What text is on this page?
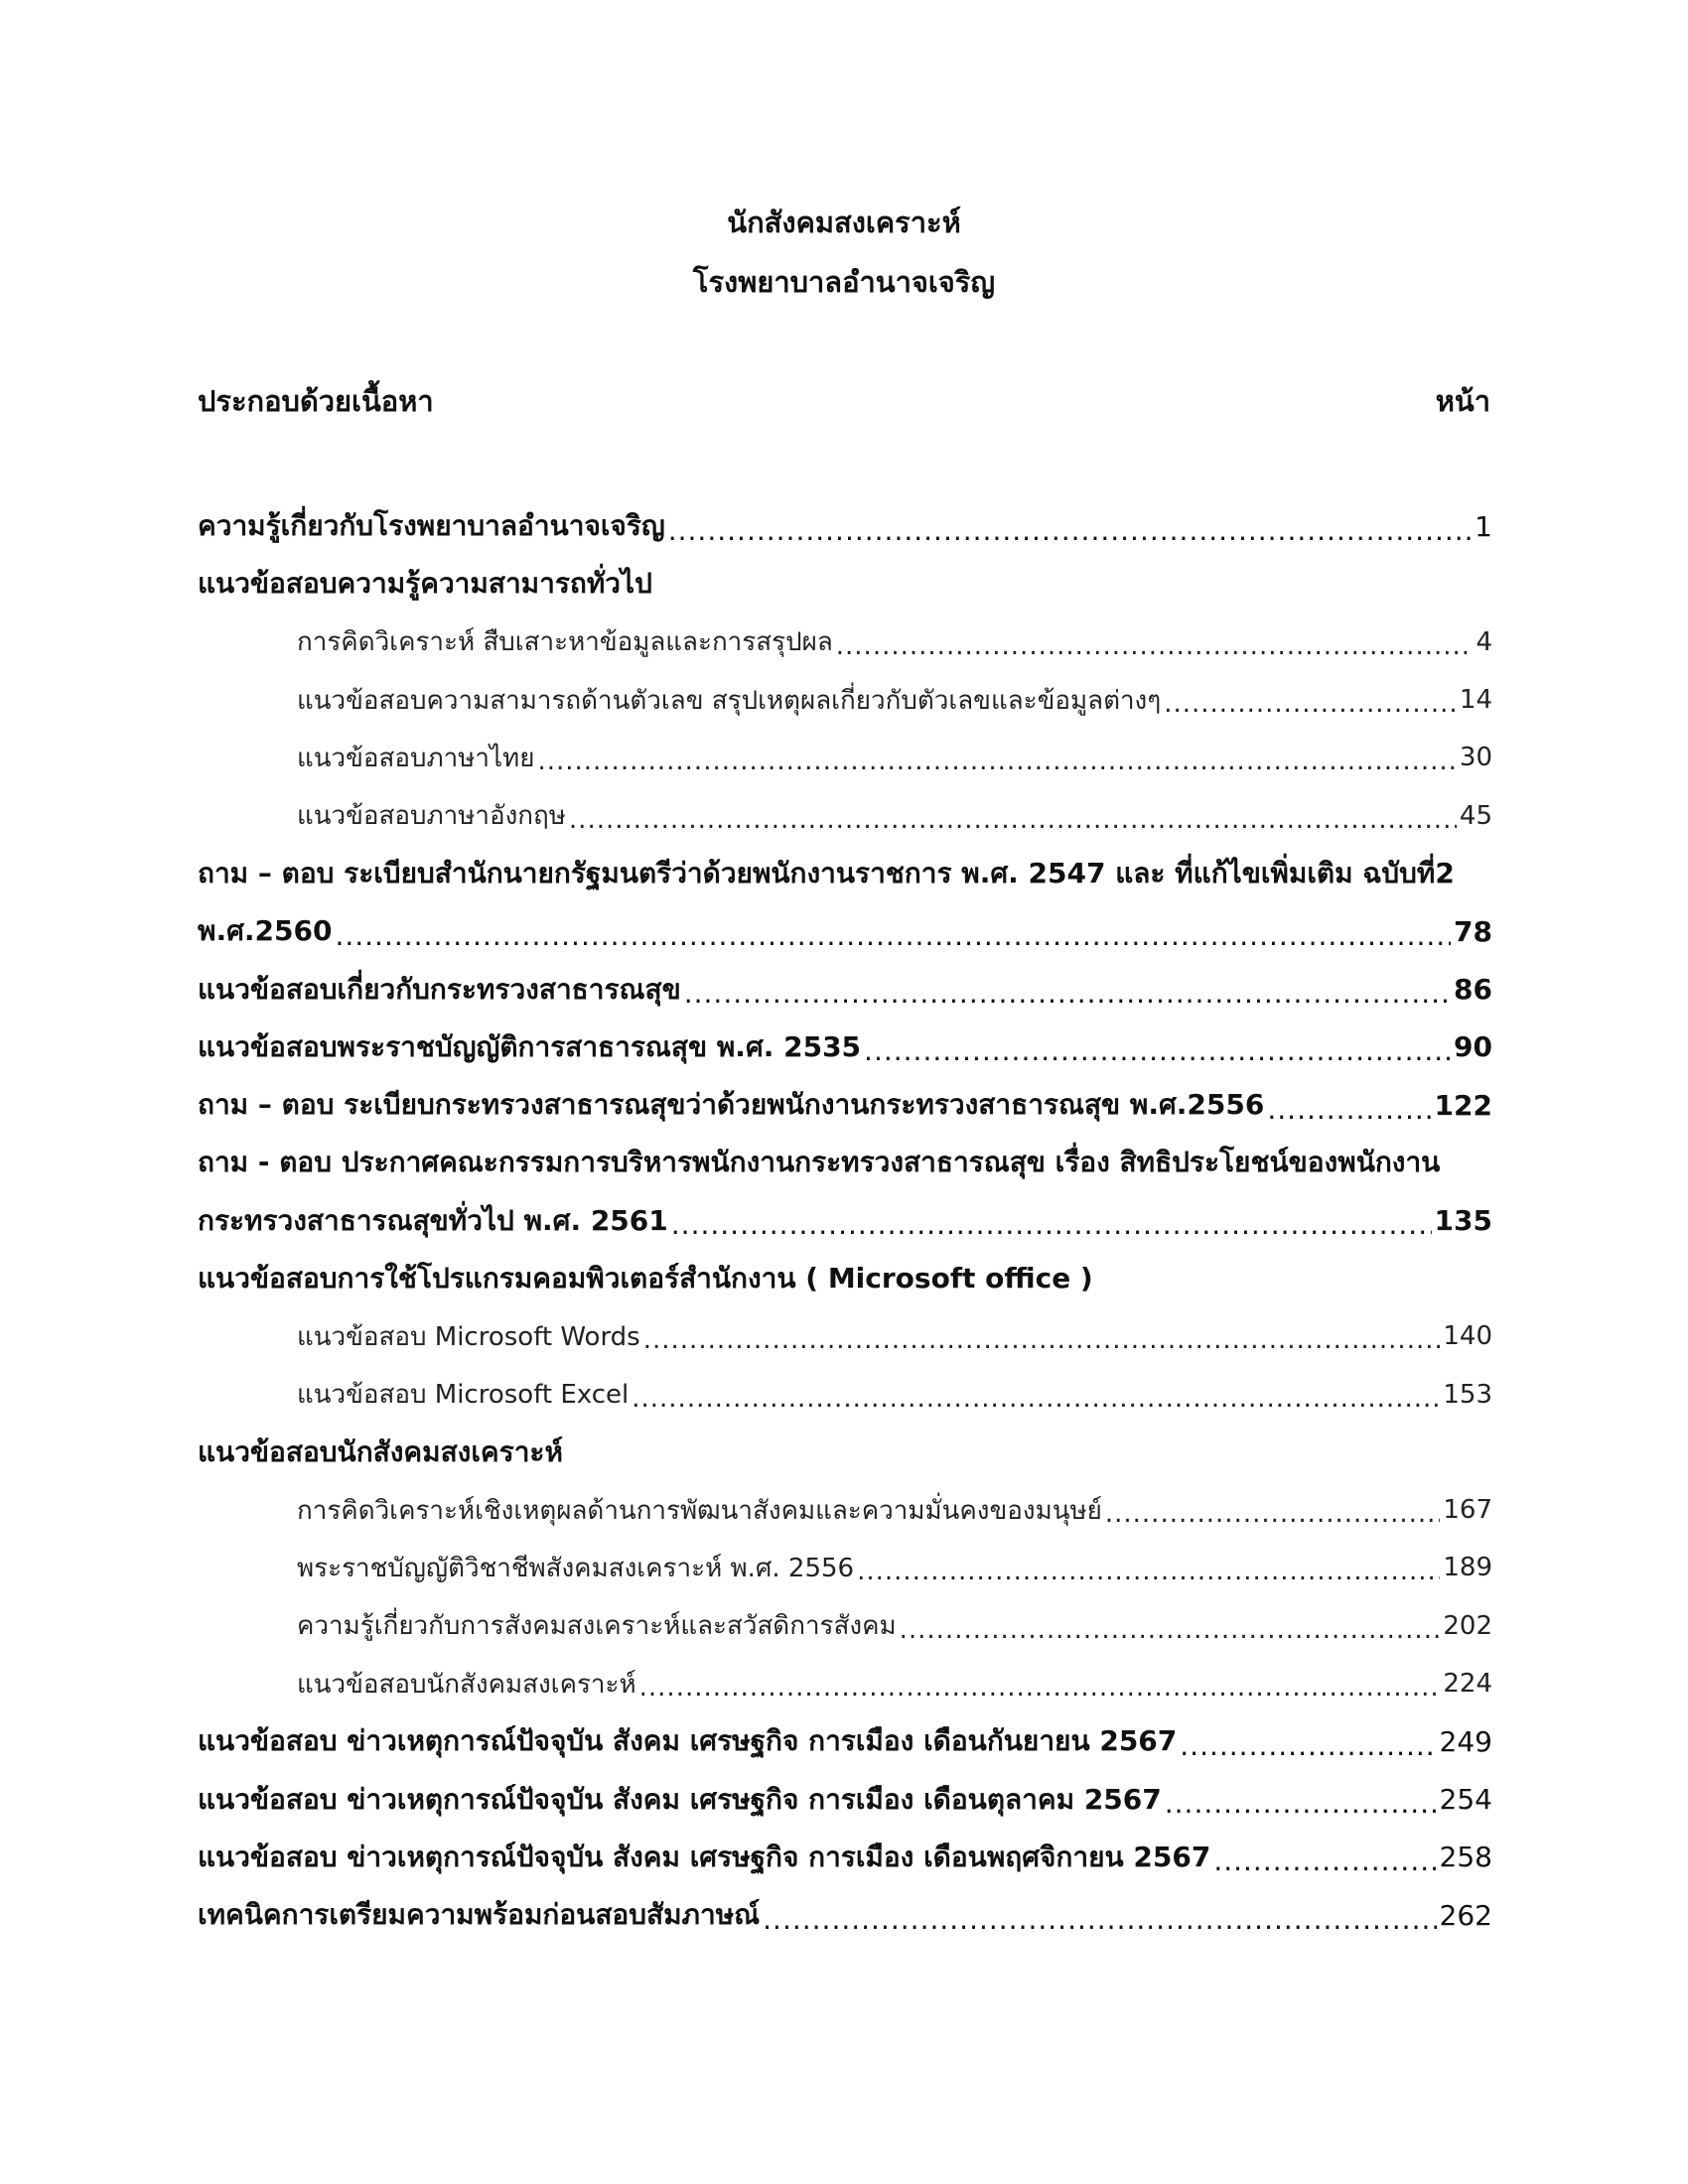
นักสังคมสงเคราะห์
โรงพยาบาลอำนาจเจริญ
ประกอบด้วยเนื้อหา	หน้า
ความรู้เกี่ยวกับโรงพยาบาลอำนาจเจริญ .....	1
แนวข้อสอบความรู้ความสามารถทั่วไป
การคิดวิเคราะห์ สืบเสาะหาข้อมูลและการสรุปผล .....	4
แนวข้อสอบความสามารถด้านตัวเลข สรุปเหตุผลเกี่ยวกับตัวเลขและข้อมูลต่างๆ .....	14
แนวข้อสอบภาษาไทย .....	30
แนวข้อสอบภาษาอังกฤษ .....	45
ถาม – ตอบ ระเบียบสำนักนายกรัฐมนตรีว่าด้วยพนักงานราชการ พ.ศ. 2547 และ ที่แก้ไขเพิ่มเติม ฉบับที่2
พ.ศ.2560 .....	78
แนวข้อสอบเกี่ยวกับกระทรวงสาธารณสุข .....	86
แนวข้อสอบพระราชบัญญัติการสาธารณสุข พ.ศ. 2535 .....	90
ถาม – ตอบ ระเบียบกระทรวงสาธารณสุขว่าด้วยพนักงานกระทรวงสาธารณสุข พ.ศ.2556 .....	122
ถาม - ตอบ ประกาศคณะกรรมการบริหารพนักงานกระทรวงสาธารณสุข เรื่อง สิทธิประโยชน์ของพนักงาน
กระทรวงสาธารณสุขทั่วไป พ.ศ. 2561 .....	135
แนวข้อสอบการใช้โปรแกรมคอมพิวเตอร์สำนักงาน ( Microsoft office )
แนวข้อสอบ Microsoft Words .....	140
แนวข้อสอบ Microsoft Excel .....	153
แนวข้อสอบนักสังคมสงเคราะห์
การคิดวิเคราะห์เชิงเหตุผลด้านการพัฒนาสังคมและความมั่นคงของมนุษย์ .....	167
พระราชบัญญัติวิชาชีพสังคมสงเคราะห์ พ.ศ. 2556 .....	189
ความรู้เกี่ยวกับการสังคมสงเคราะห์และสวัสดิการสังคม .....	202
แนวข้อสอบนักสังคมสงเคราะห์ .....	224
แนวข้อสอบ ข่าวเหตุการณ์ปัจจุบัน สังคม เศรษฐกิจ การเมือง เดือนกันยายน 2567 .....	249
แนวข้อสอบ ข่าวเหตุการณ์ปัจจุบัน สังคม เศรษฐกิจ การเมือง เดือนตุลาคม 2567 .....	254
แนวข้อสอบ ข่าวเหตุการณ์ปัจจุบัน สังคม เศรษฐกิจ การเมือง เดือนพฤศจิกายน 2567 .....	258
เทคนิคการเตรียมความพร้อมก่อนสอบสัมภาษณ์ .....	262
